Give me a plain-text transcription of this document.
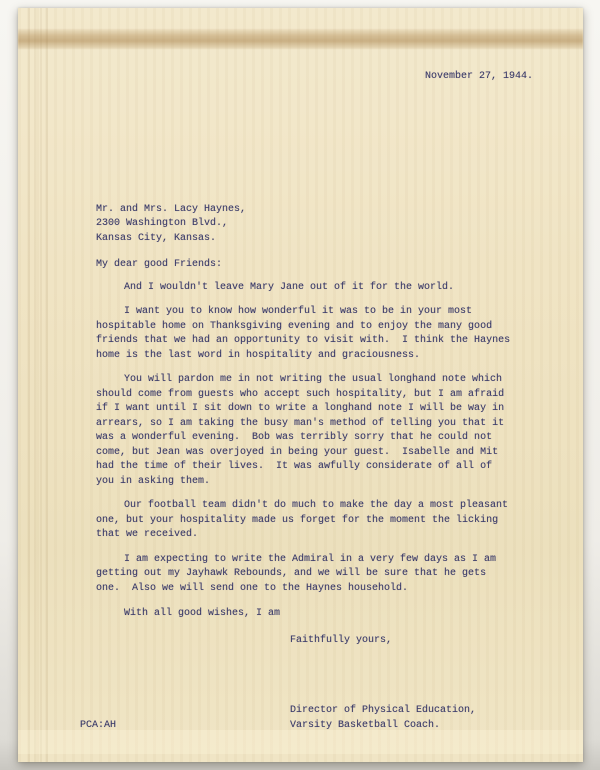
November 27, 1944.
Mr. and Mrs. Lacy Haynes,
2300 Washington Blvd.,
Kansas City, Kansas.
My dear good Friends:
And I wouldn't leave Mary Jane out of it for the world.

I want you to know how wonderful it was to be in your most hospitable home on Thanksgiving evening and to enjoy the many good friends that we had an opportunity to visit with.  I think the Haynes home is the last word in hospitality and graciousness.

You will pardon me in not writing the usual longhand note which should come from guests who accept such hospitality, but I am afraid if I want until I sit down to write a longhand note I will be way in arrears, so I am taking the busy man's method of telling you that it was a wonderful evening.  Bob was terribly sorry that he could not come, but Jean was overjoyed in being your guest.  Isabelle and Mit had the time of their lives.  It was awfully considerate of all of you in asking them.

Our football team didn't do much to make the day a most pleasant one, but your hospitality made us forget for the moment the licking that we received.

I am expecting to write the Admiral in a very few days as I am getting out my Jayhawk Rebounds, and we will be sure that he gets one.  Also we will send one to the Haynes household.

With all good wishes, I am
Faithfully yours,
PCA:AH
Director of Physical Education,
Varsity Basketball Coach.
